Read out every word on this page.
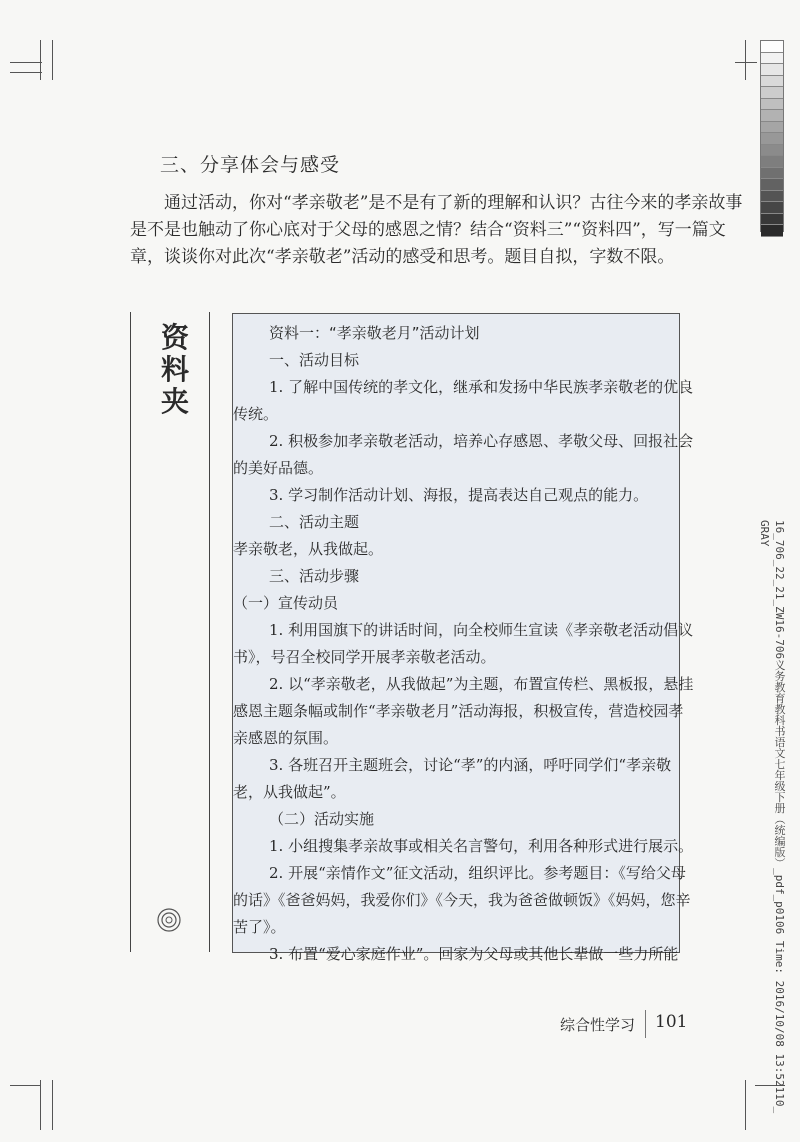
三、分享体会与感受
通过活动，你对“孝亲敬老”是不是有了新的理解和认识？古往今来的孝亲故事
是不是也触动了你心底对于父母的感恩之情？结合“资料三”“资料四”，写一篇文
章，谈谈你对此次“孝亲敬老”活动的感受和思考。题目自拟，字数不限。
资
料
夹
资料一：“孝亲敬老月”活动计划
一、活动目标
1. 了解中国传统的孝文化，继承和发扬中华民族孝亲敬老的优良
传统。
2. 积极参加孝亲敬老活动，培养心存感恩、孝敬父母、回报社会
的美好品德。
3. 学习制作活动计划、海报，提高表达自己观点的能力。
二、活动主题
孝亲敬老，从我做起。
三、活动步骤
（一）宣传动员
1. 利用国旗下的讲话时间，向全校师生宣读《孝亲敬老活动倡议
书》，号召全校同学开展孝亲敬老活动。
2. 以“孝亲敬老，从我做起”为主题，布置宣传栏、黑板报，悬挂
感恩主题条幅或制作“孝亲敬老月”活动海报，积极宣传，营造校园孝
亲感恩的氛围。
3. 各班召开主题班会，讨论“孝”的内涵，呼吁同学们“孝亲敬
老，从我做起”。
（二）活动实施
1. 小组搜集孝亲故事或相关名言警句，利用各种形式进行展示。
2. 开展“亲情作文”征文活动，组织评比。参考题目：《写给父母
的话》《爸爸妈妈，我爱你们》《今天，我为爸爸做顿饭》《妈妈，您辛
苦了》。
3. 布置“爱心家庭作业”。回家为父母或其他长辈做一些力所能
综合性学习 101	16_706_22_21_ZW16-706义务教育教科书语文七年级下册（统编版）_pdf_p0106 Time: 2016/10/08 13:52110_
GRAY
